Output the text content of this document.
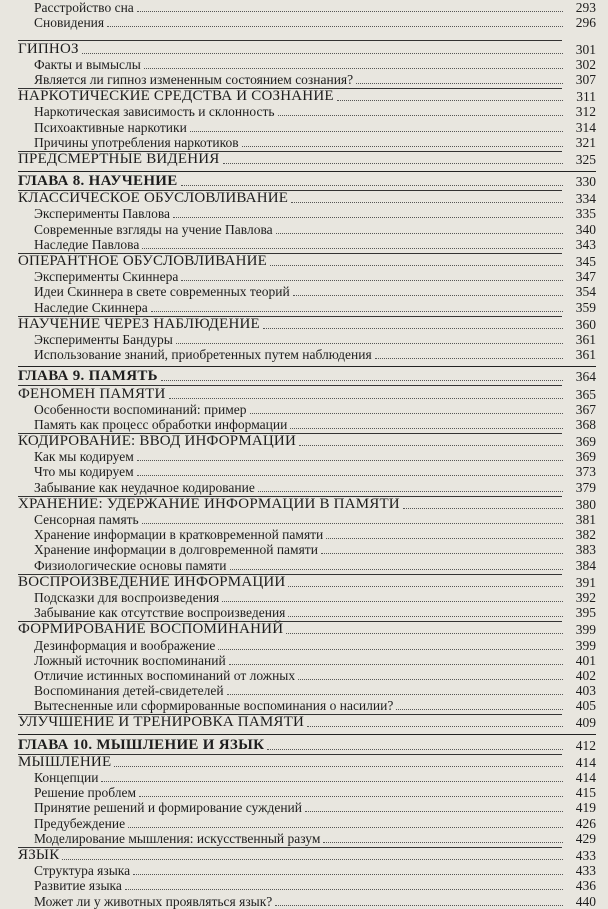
Расстройство сна	293
Сновидения	296
ГИПНОЗ	301
Факты и вымыслы	302
Является ли гипноз измененным состоянием сознания?	307
НАРКОТИЧЕСКИЕ СРЕДСТВА И СОЗНАНИЕ	311
Наркотическая зависимость и склонность	312
Психоактивные наркотики	314
Причины употребления наркотиков	321
ПРЕДСМЕРТНЫЕ ВИДЕНИЯ	325
ГЛАВА 8. НАУЧЕНИЕ	330
КЛАССИЧЕСКОЕ ОБУСЛОВЛИВАНИЕ	334
Эксперименты Павлова	335
Современные взгляды на учение Павлова	340
Наследие Павлова	343
ОПЕРАНТНОЕ ОБУСЛОВЛИВАНИЕ	345
Эксперименты Скиннера	347
Идеи Скиннера в свете современных теорий	354
Наследие Скиннера	359
НАУЧЕНИЕ ЧЕРЕЗ НАБЛЮДЕНИЕ	360
Эксперименты Бандуры	361
Использование знаний, приобретенных путем наблюдения	361
ГЛАВА 9. ПАМЯТЬ	364
ФЕНОМЕН ПАМЯТИ	365
Особенности воспоминаний: пример	367
Память как процесс обработки информации	368
КОДИРОВАНИЕ: ВВОД ИНФОРМАЦИИ	369
Как мы кодируем	369
Что мы кодируем	373
Забывание как неудачное кодирование	379
ХРАНЕНИЕ: УДЕРЖАНИЕ ИНФОРМАЦИИ В ПАМЯТИ	380
Сенсорная память	381
Хранение информации в кратковременной памяти	382
Хранение информации в долговременной памяти	383
Физиологические основы памяти	384
ВОСПРОИЗВЕДЕНИЕ ИНФОРМАЦИИ	391
Подсказки для воспроизведения	392
Забывание как отсутствие воспроизведения	395
ФОРМИРОВАНИЕ ВОСПОМИНАНИЙ	399
Дезинформация и воображение	399
Ложный источник воспоминаний	401
Отличие истинных воспоминаний от ложных	402
Воспоминания детей-свидетелей	403
Вытесненные или сформированные воспоминания о насилии?	405
УЛУЧШЕНИЕ И ТРЕНИРОВКА ПАМЯТИ	409
ГЛАВА 10. МЫШЛЕНИЕ И ЯЗЫК	412
МЫШЛЕНИЕ	414
Концепции	414
Решение проблем	415
Принятие решений и формирование суждений	419
Предубеждение	426
Моделирование мышления: искусственный разум	429
ЯЗЫК	433
Структура языка	433
Развитие языка	436
Может ли у животных проявляться язык?	440
